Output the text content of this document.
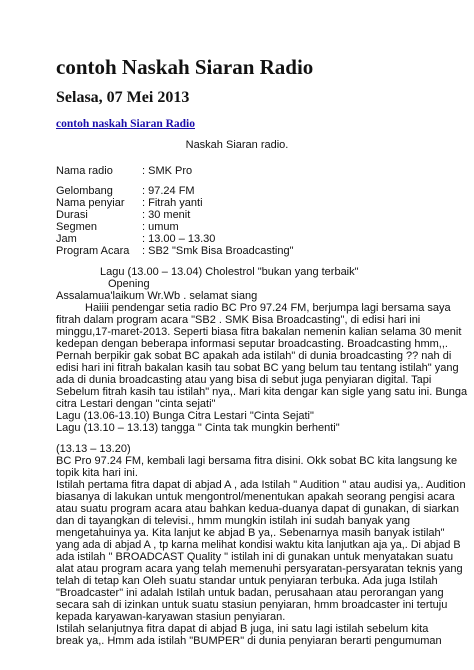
contoh Naskah Siaran Radio
Selasa, 07 Mei 2013
contoh naskah Siaran Radio
Naskah Siaran radio.
Nama radio	: SMK Pro
Gelombang	: 97.24 FM
Nama penyiar : Fitrah yanti
Durasi	: 30 menit
Segmen	: umum
Jam	: 13.00 – 13.30
Program Acara : SB2 "Smk Bisa Broadcasting"
Lagu (13.00 – 13.04) Cholestrol "bukan yang terbaik"
Opening
Assalamua'laikum Wr.Wb . selamat siang
Haiiii pendengar setia radio BC Pro 97.24 FM, berjumpa lagi bersama saya
fitrah dalam program acara "SB2 . SMK Bisa Broadcasting", di edisi hari ini
minggu,17-maret-2013. Seperti biasa fitra bakalan nemenin kalian selama 30 menit
kedepan dengan beberapa informasi seputar broadcasting. Broadcasting hmm,,.
Pernah berpikir gak sobat BC apakah ada istilah" di dunia broadcasting ?? nah di
edisi hari ini fitrah bakalan kasih tau sobat BC yang belum tau tentang istilah" yang
ada di dunia broadcasting atau yang bisa di sebut juga penyiaran digital. Tapi
Sebelum fitrah kasih tau istilah" nya,. Mari kita dengar kan sigle yang satu ini. Bunga
citra Lestari dengan "cinta sejati"
Lagu (13.06-13.10) Bunga Citra Lestari "Cinta Sejati"
Lagu (13.10 – 13.13) tangga " Cinta tak mungkin berhenti"
(13.13 – 13.20)
BC Pro 97.24 FM, kembali lagi bersama fitra disini. Okk sobat BC kita langsung ke
topik kita hari ini.
Istilah pertama fitra dapat di abjad A , ada Istilah " Audition " atau audisi ya,. Audition
biasanya di lakukan untuk mengontrol/menentukan apakah seorang pengisi acara
atau suatu program acara atau bahkan kedua-duanya dapat di gunakan, di siarkan
dan di tayangkan di televisi., hmm mungkin istilah ini sudah banyak yang
mengetahuinya ya. Kita lanjut ke abjad B ya,. Sebenarnya masih banyak istilah"
yang ada di abjad A , tp karna melihat kondisi waktu kita lanjutkan aja ya,. Di abjad B
ada istilah " BROADCAST Quality " istilah ini di gunakan untuk menyatakan suatu
alat atau program acara yang telah memenuhi persyaratan-persyaratan teknis yang
telah di tetap kan Oleh suatu standar untuk penyiaran terbuka. Ada juga Istilah
"Broadcaster" ini adalah Istilah untuk badan, perusahaan atau perorangan yang
secara sah di izinkan untuk suatu stasiun penyiaran, hmm broadcaster ini tertuju
kepada karyawan-karyawan stasiun penyiaran.
Istilah selanjutnya fitra dapat di abjad B juga, ini satu lagi istilah sebelum kita
break ya,. Hmm ada istilah "BUMPER" di dunia penyiaran berarti pengumuman
